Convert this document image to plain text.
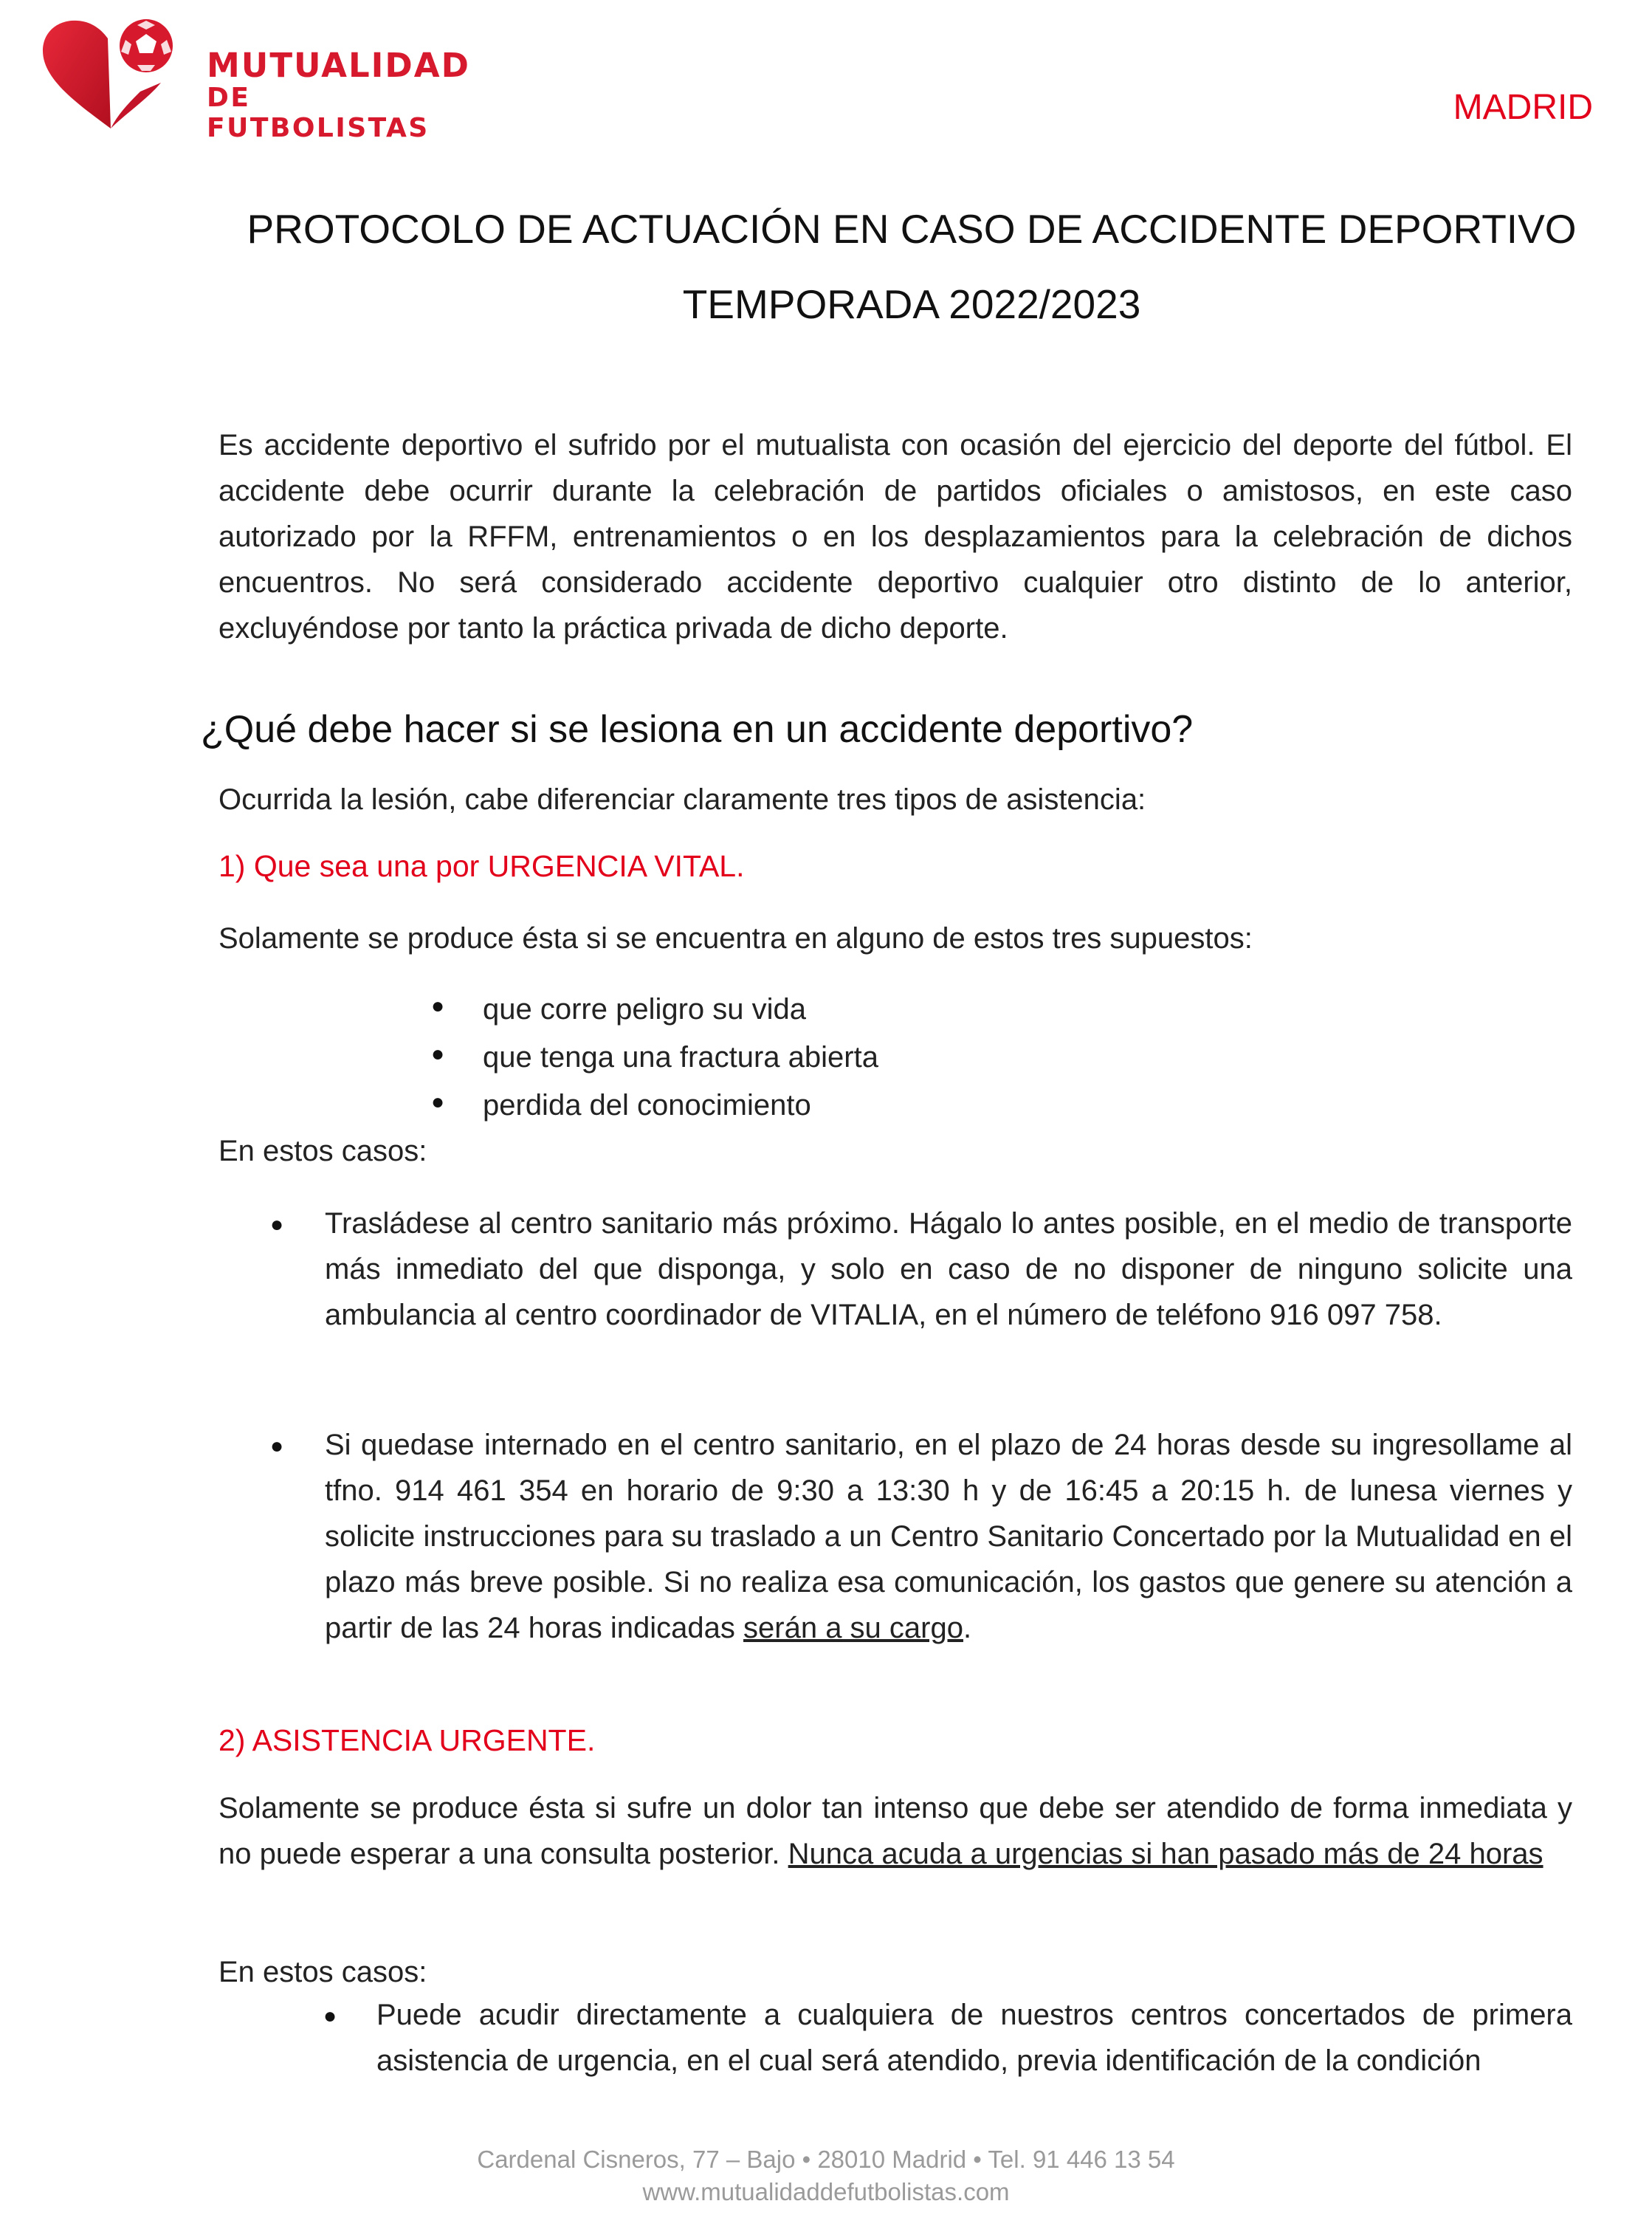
MUTUALIDAD
DE FUTBOLISTAS
MADRID
PROTOCOLO DE ACTUACIÓN EN CASO DE ACCIDENTE DEPORTIVO
TEMPORADA 2022/2023
Es accidente deportivo el sufrido por el mutualista con ocasión del ejercicio del deporte del fútbol. El accidente debe ocurrir durante la celebración de partidos oficiales o amistosos, en este caso autorizado por la RFFM, entrenamientos o en los desplazamientos para la celebración de dichos encuentros. No será considerado accidente deportivo cualquier otro distinto de lo anterior, excluyéndose por tanto la práctica privada de dicho deporte.
¿Qué debe hacer si se lesiona en un accidente deportivo?
Ocurrida la lesión, cabe diferenciar claramente tres tipos de asistencia:
1) Que sea una por URGENCIA VITAL.
Solamente se produce ésta si se encuentra en alguno de estos tres supuestos:
● que corre peligro su vida
● que tenga una fractura abierta
● perdida del conocimiento
En estos casos:
● Trasládese al centro sanitario más próximo. Hágalo lo antes posible, en el medio de transporte más inmediato del que disponga, y solo en caso de no disponer de ninguno solicite una ambulancia al centro coordinador de VITALIA, en el número de teléfono 916 097 758.
● Si quedase internado en el centro sanitario, en el plazo de 24 horas desde su ingresollame al tfno. 914 461 354 en horario de 9:30 a 13:30 h y de 16:45 a 20:15 h. de lunesa viernes y solicite instrucciones para su traslado a un Centro Sanitario Concertado por la Mutualidad en el plazo más breve posible. Si no realiza esa comunicación, los gastos que genere su atención a partir de las 24 horas indicadas serán a su cargo.
2) ASISTENCIA URGENTE.
Solamente se produce ésta si sufre un dolor tan intenso que debe ser atendido de forma inmediata y no puede esperar a una consulta posterior. Nunca acuda a urgencias si han pasado más de 24 horas
En estos casos:
● Puede acudir directamente a cualquiera de nuestros centros concertados de primera asistencia de urgencia, en el cual será atendido, previa identificación de la condición
Cardenal Cisneros, 77 – Bajo • 28010 Madrid • Tel. 91 446 13 54
www.mutualidaddefutbolistas.com
